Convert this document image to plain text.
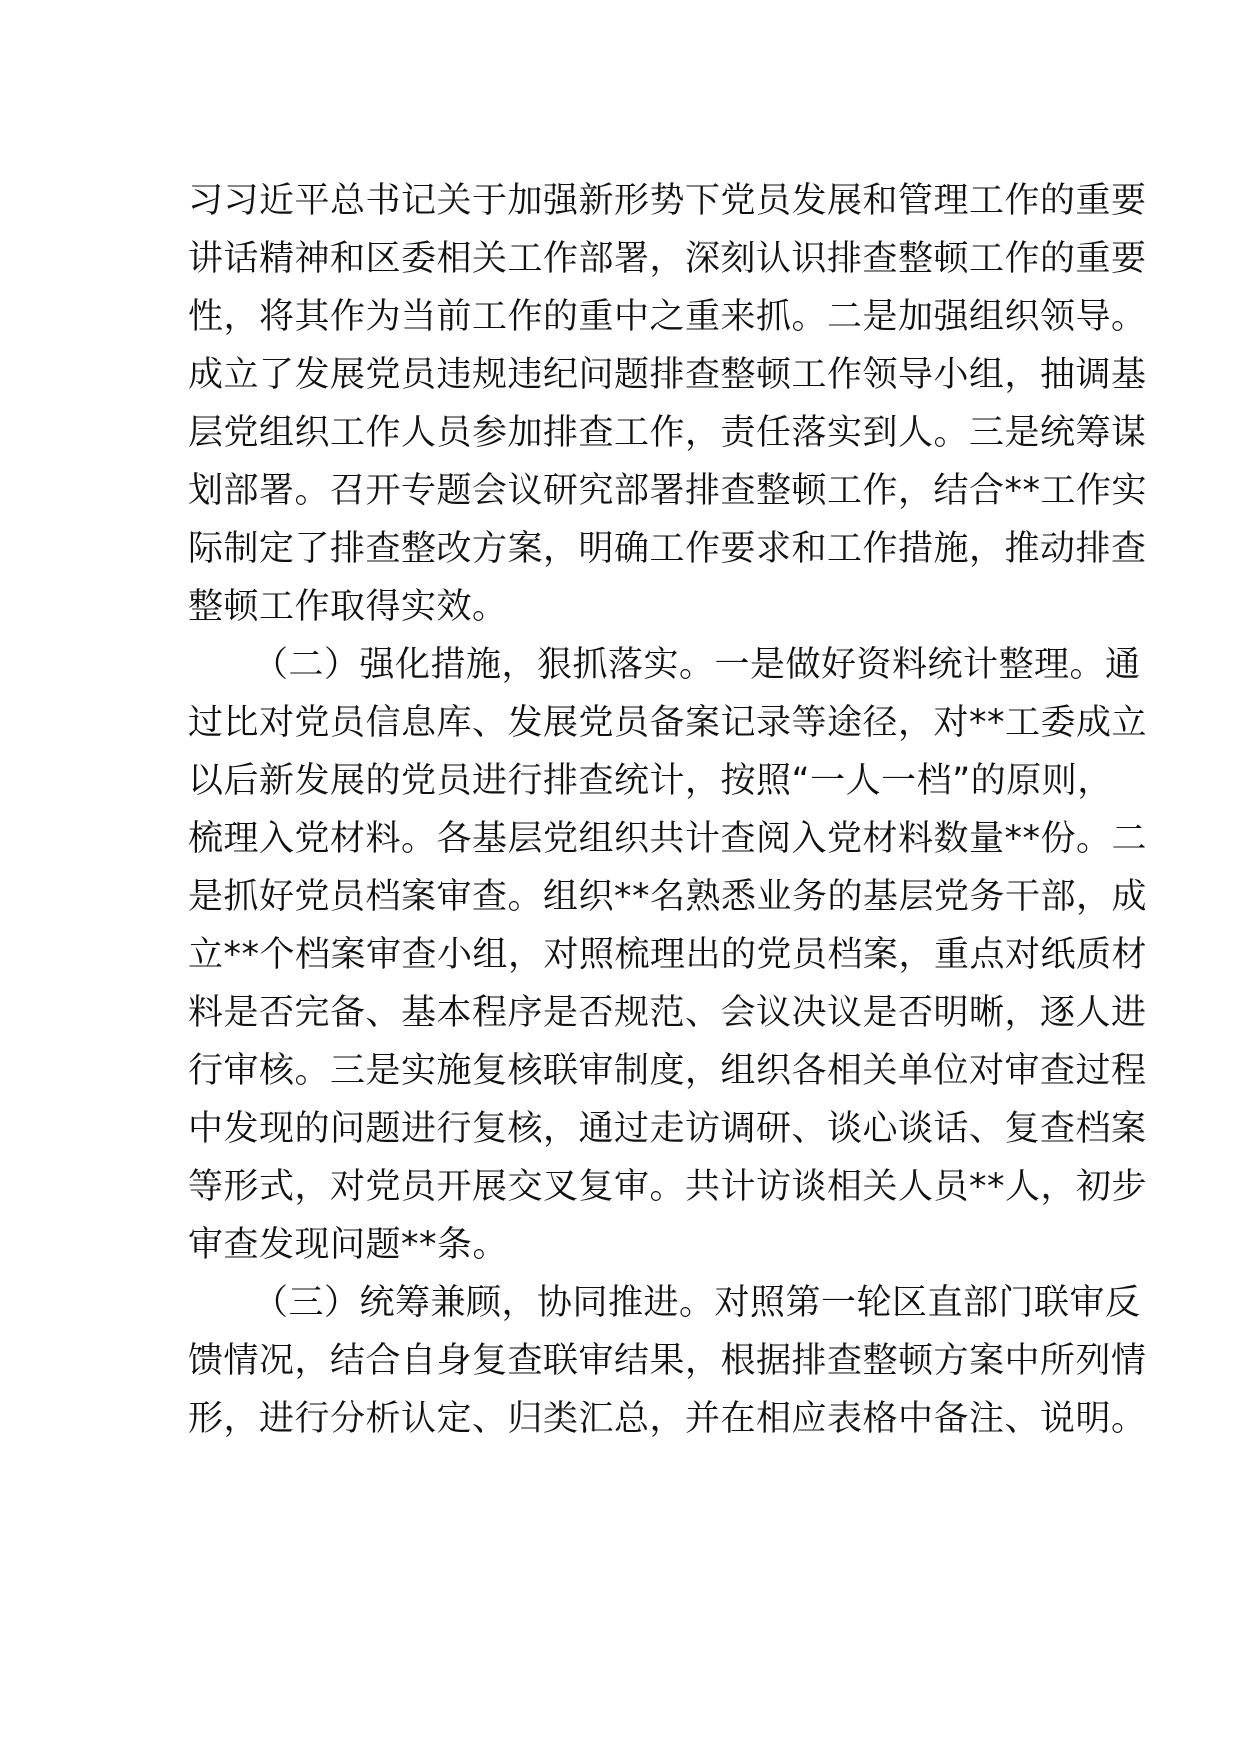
习习近平总书记关于加强新形势下党员发展和管理工作的重要
讲话精神和区委相关工作部署，深刻认识排查整顿工作的重要
性，将其作为当前工作的重中之重来抓。二是加强组织领导。
成立了发展党员违规违纪问题排查整顿工作领导小组，抽调基
层党组织工作人员参加排查工作，责任落实到人。三是统筹谋
划部署。召开专题会议研究部署排查整顿工作，结合**工作实
际制定了排查整改方案，明确工作要求和工作措施，推动排查
整顿工作取得实效。
（二）强化措施，狠抓落实。一是做好资料统计整理。通
过比对党员信息库、发展党员备案记录等途径，对**工委成立
以后新发展的党员进行排查统计，按照“一人一档”的原则，
梳理入党材料。各基层党组织共计查阅入党材料数量**份。二
是抓好党员档案审查。组织**名熟悉业务的基层党务干部，成
立**个档案审查小组，对照梳理出的党员档案，重点对纸质材
料是否完备、基本程序是否规范、会议决议是否明晰，逐人进
行审核。三是实施复核联审制度，组织各相关单位对审查过程
中发现的问题进行复核，通过走访调研、谈心谈话、复查档案
等形式，对党员开展交叉复审。共计访谈相关人员**人，初步
审查发现问题**条。
（三）统筹兼顾，协同推进。对照第一轮区直部门联审反
馈情况，结合自身复查联审结果，根据排查整顿方案中所列情
形，进行分析认定、归类汇总，并在相应表格中备注、说明。
